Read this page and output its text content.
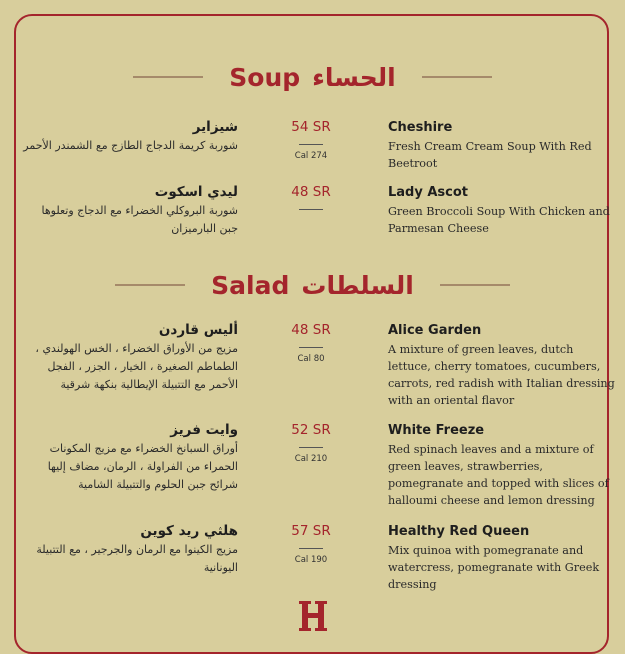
Soup الحساء
شيزاير
شوربة كريمة الدجاج الطازج مع الشمندر الأحمر
54 SR
Cal 274
Cheshire
Fresh Cream Cream Soup With Red Beetroot
ليدي اسكوت
شوربة البروكلي الخضراء مع الدجاج وتعلوها جبن البارميزان
48 SR	Lady Ascot
Green Broccoli Soup With Chicken and Parmesan Cheese
Salad السلطات
أليس قاردن
مزيج من الأوراق الخضراء ، الخس الهولندي ، الطماطم الصغيرة ، الخيار ، الجزر ، الفجل الأحمر مع التتبيلة الإيطالية بنكهة شرقية
48 SR
Cal 80
Alice Garden
A mixture of green leaves, dutch lettuce, cherry tomatoes, cucumbers, carrots, red radish with Italian dressing with an oriental flavor
وايت فريز
أوراق السبانخ الخضراء مع مزيج المكونات الحمراء من الفراولة ، الرمان، مضاف إليها شرائح جبن الحلوم والتتبيلة الشامية
52 SR
Cal 210
White Freeze
Red spinach leaves and a mixture of green leaves, strawberries, pomegranate and topped with slices of halloumi cheese and lemon dressing
هلثي ريد كوين
مزيج الكينوا مع الرمان والجرجير ، مع التتبيلة اليونانية
57 SR
Cal 190
Healthy Red Queen
Mix quinoa with pomegranate and watercress, pomegranate with Greek dressing
